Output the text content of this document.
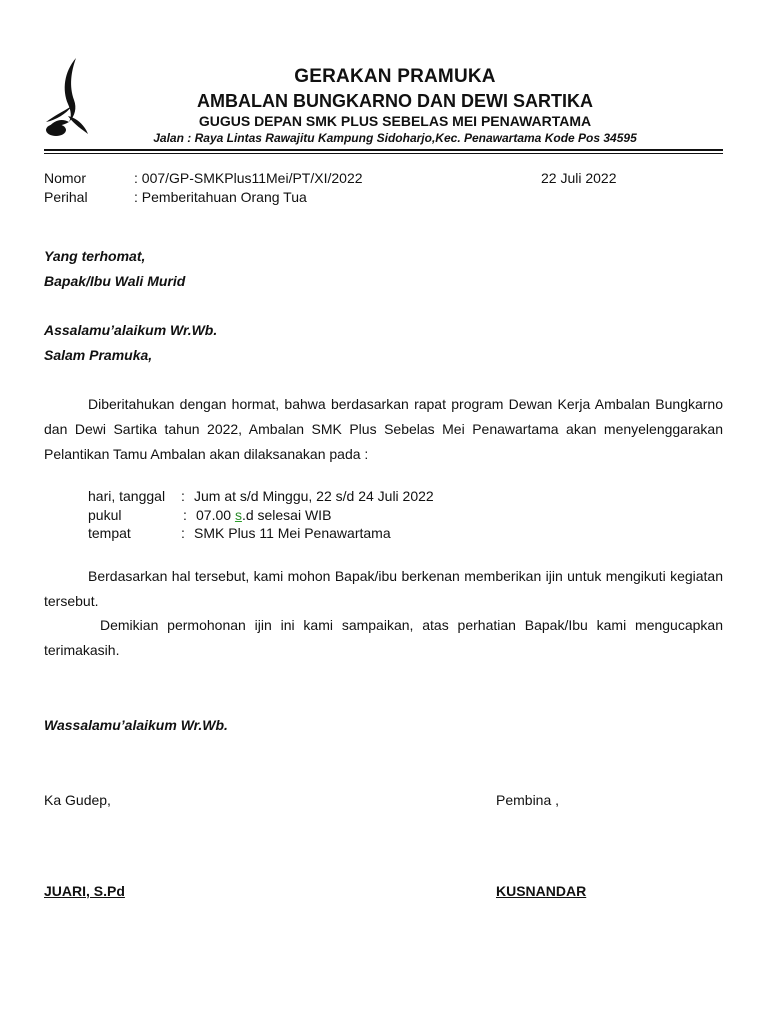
GERAKAN PRAMUKA
AMBALAN BUNGKARNO DAN DEWI SARTIKA
GUGUS DEPAN SMK PLUS SEBELAS MEI PENAWARTAMA
Jalan : Raya Lintas Rawajitu Kampung Sidoharjo,Kec. Penawartama Kode Pos 34595
Nomor	: 007/GP-SMKPlus11Mei/PT/XI/2022	22 Juli 2022
Perihal	: Pemberitahuan Orang Tua
Yang terhomat,
Bapak/Ibu Wali Murid
Assalamu’alaikum Wr.Wb.
Salam Pramuka,
Diberitahukan dengan hormat, bahwa berdasarkan rapat program Dewan Kerja Ambalan Bungkarno dan Dewi Sartika tahun 2022, Ambalan SMK Plus Sebelas Mei Penawartama akan menyelenggarakan Pelantikan Tamu Ambalan akan dilaksanakan pada :
hari, tanggal : Jum at s/d Minggu, 22 s/d 24 Juli 2022
pukul	: 07.00 s.d selesai WIB
tempat	: SMK Plus 11 Mei Penawartama
Berdasarkan hal tersebut, kami mohon Bapak/ibu berkenan memberikan ijin untuk mengikuti kegiatan tersebut.
Demikian permohonan ijin ini kami sampaikan, atas perhatian Bapak/Ibu kami mengucapkan terimakasih.
Wassalamu’alaikum Wr.Wb.
Ka Gudep,	Pembina ,
JUARI, S.Pd	KUSNANDAR
